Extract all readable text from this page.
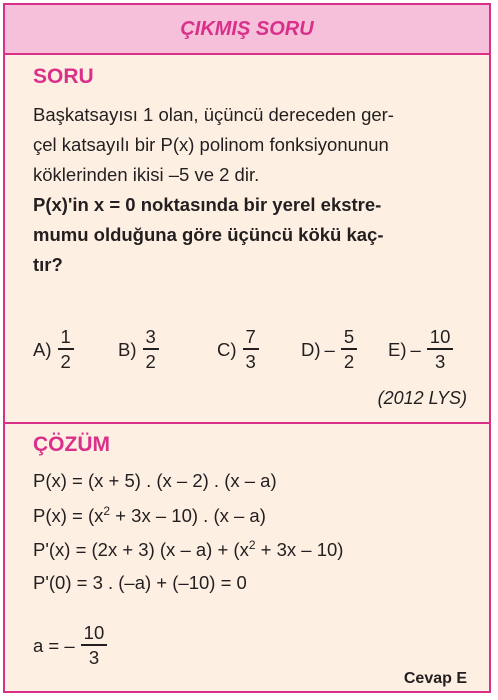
ÇIKMIŞ SORU
SORU
Başkatsayısı 1 olan, üçüncü dereceden ger-
çel katsayılı bir P(x) polinom fonksiyonunun
köklerinden ikisi –5 ve 2 dir.
P(x)'in x = 0 noktasında bir yerel ekstre-
mumu olduğuna göre üçüncü kökü kaç-
tır?
$A) \frac{1}{2} B) \frac{3}{2}$	$C) \frac{7}{3} D) - \frac{5}{2} E) - \frac{10}{3}$
(2012 LYS)
ÇÖZÜM
P(x) = (x + 5) . (x – 2) . (x – a)
$P(x) = (x^2 + 3x - 10)$ . (x – a)
P'(x) = (2x + 3) $(x - a) + (x^2 + 3x - 10)$
P'(0) = 3 . (–a) + (–10) = 0
a = – $\frac{10}{3}$
Cevap E
